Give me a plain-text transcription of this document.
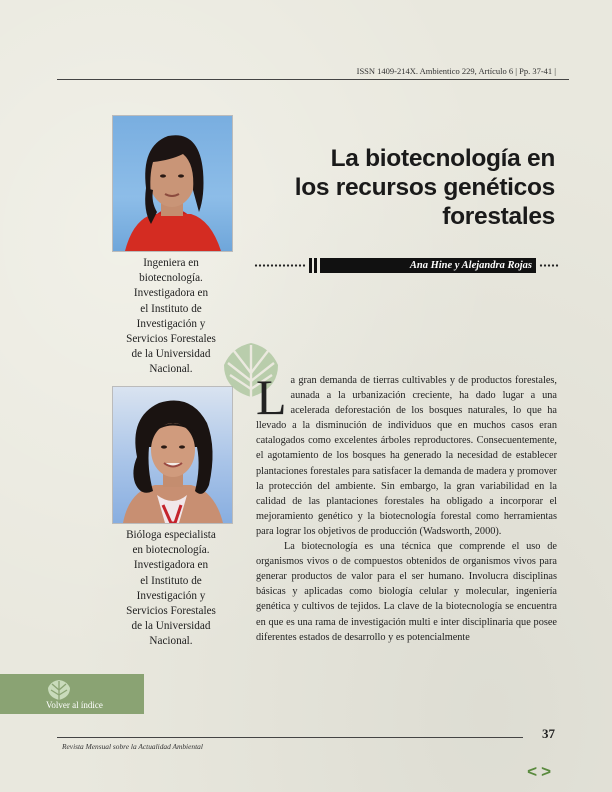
ISSN 1409-214X. Ambientico 229, Artículo 6 | Pp. 37-41 |
Ingeniera en
biotecnología.
Investigadora en
el Instituto de
Investigación y
Servicios Forestales
de la Universidad
Nacional.
Bióloga especialista
en biotecnología.
Investigadora en
el Instituto de
Investigación y
Servicios Forestales
de la Universidad
Nacional.
La biotecnología en
los recursos genéticos
forestales
Ana Hine y Alejandra Rojas

La gran demanda de tierras cultivables y de productos forestales, aunada a la urbanización creciente, ha dado lugar a una acelerada deforestación de los bosques naturales, lo que ha llevado a la disminución de individuos que en muchos casos eran catalogados como excelentes árboles reproductores. Consecuentemente, el agotamiento de los bosques ha generado la necesidad de establecer plantaciones forestales para satisfacer la demanda de madera y promover la protección del ambiente. Sin embargo, la gran variabilidad en la calidad de las plantaciones forestales ha obligado a incorporar el mejoramiento genético y la biotecnología forestal como herramientas para lograr los objetivos de producción (Wadsworth, 2000).

La biotecnología es una técnica que comprende el uso de organismos vivos o de compuestos obtenidos de organismos vivos para generar productos de valor para el ser humano. Involucra disciplinas básicas y aplicadas como biología celular y molecular, ingeniería genética y cultivos de tejidos. La clave de la biotecnología se encuentra en que es una rama de investigación multi e inter disciplinaria que posee diferentes estados de desarrollo y es potencialmente

Volver al índice
37
Revista Mensual sobre la Actualidad Ambiental
<>
